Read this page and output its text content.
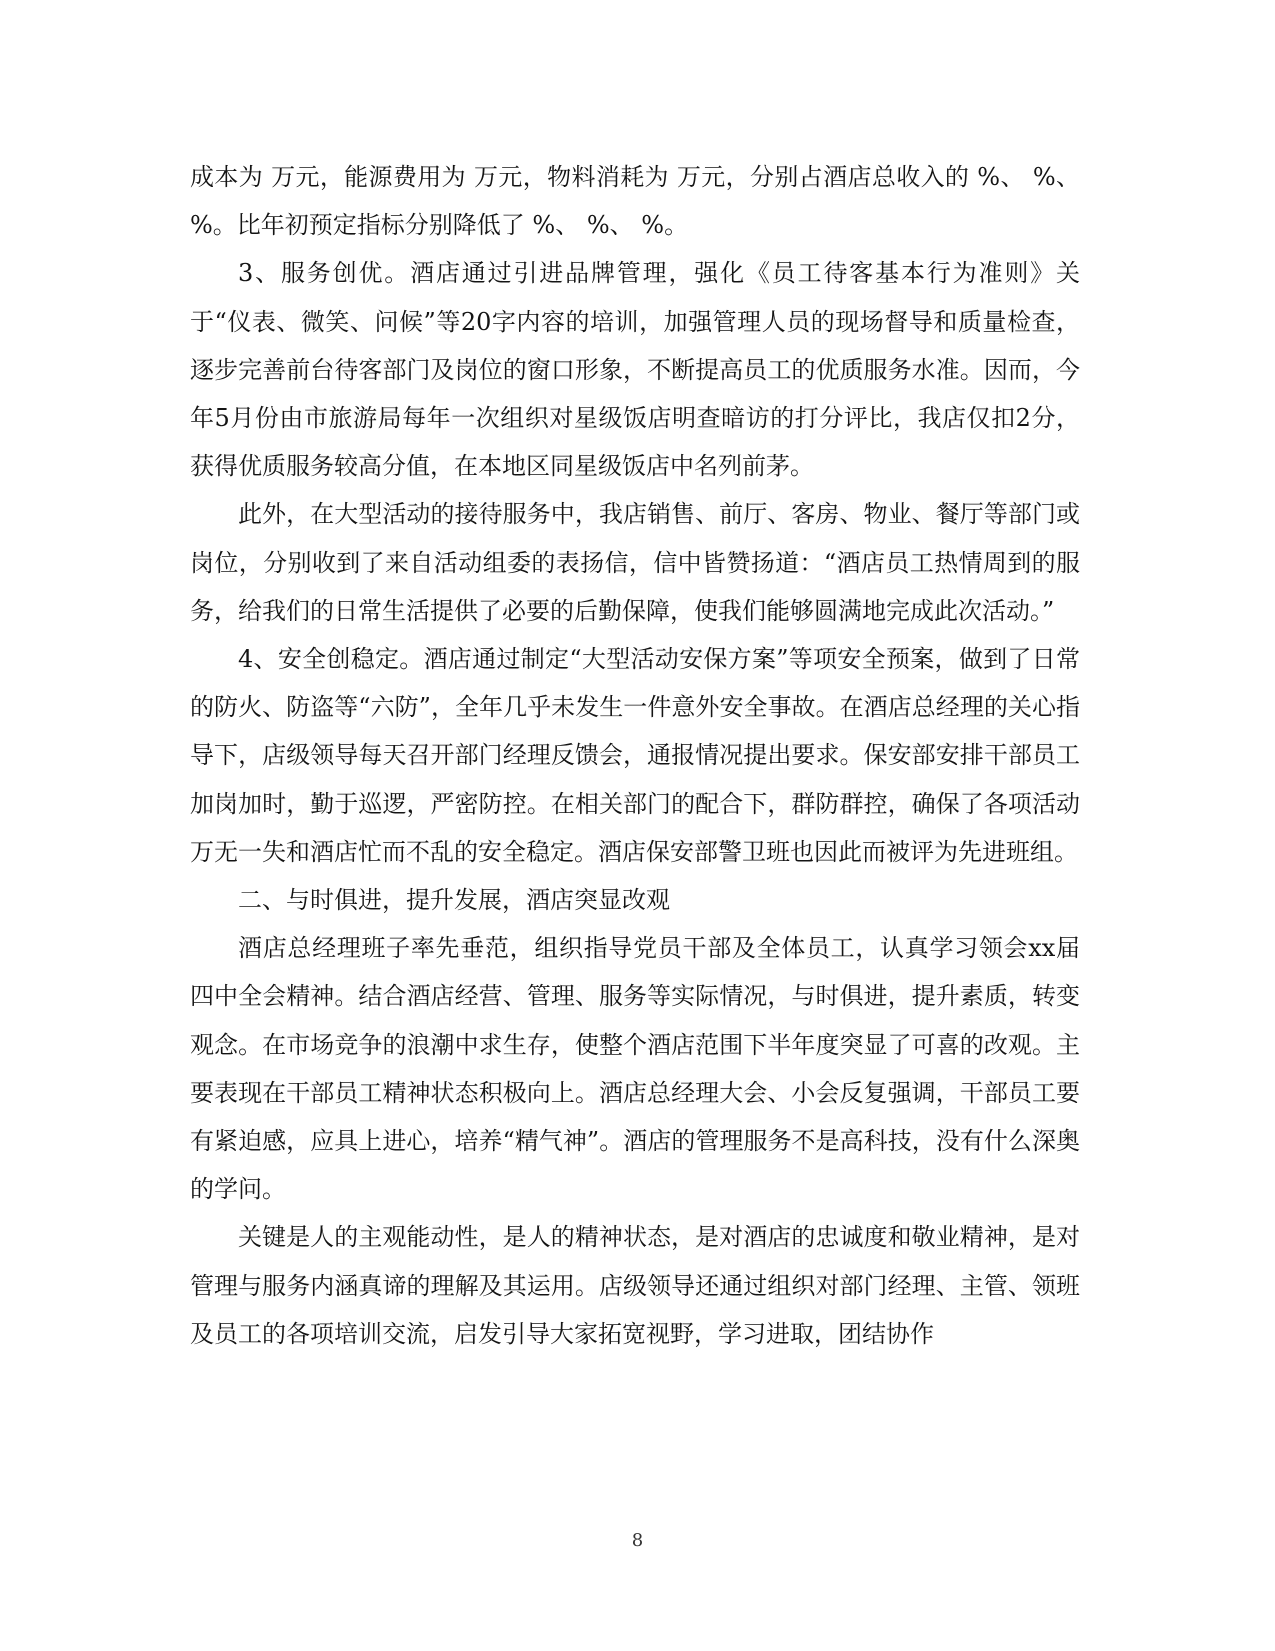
成本为 万元，能源费用为 万元，物料消耗为 万元，分别占酒店总收入的 %、 %、 %。比年初预定指标分别降低了 %、 %、 %。

3、服务创优。酒店通过引进品牌管理，强化《员工待客基本行为准则》关于“仪表、微笑、问候”等20字内容的培训，加强管理人员的现场督导和质量检查，逐步完善前台待客部门及岗位的窗口形象，不断提高员工的优质服务水准。因而，今年5月份由市旅游局每年一次组织对星级饭店明查暗访的打分评比，我店仅扣2分，获得优质服务较高分值，在本地区同星级饭店中名列前茅。

此外，在大型活动的接待服务中，我店销售、前厅、客房、物业、餐厅等部门或岗位，分别收到了来自活动组委的表扬信，信中皆赞扬道：“酒店员工热情周到的服务，给我们的日常生活提供了必要的后勤保障，使我们能够圆满地完成此次活动。”

4、安全创稳定。酒店通过制定“大型活动安保方案”等项安全预案，做到了日常的防火、防盗等“六防”，全年几乎未发生一件意外安全事故。在酒店总经理的关心指导下，店级领导每天召开部门经理反馈会，通报情况提出要求。保安部安排干部员工加岗加时，勤于巡逻，严密防控。在相关部门的配合下，群防群控，确保了各项活动万无一失和酒店忙而不乱的安全稳定。酒店保安部警卫班也因此而被评为先进班组。

二、与时俱进，提升发展，酒店突显改观

酒店总经理班子率先垂范，组织指导党员干部及全体员工，认真学习领会xx届四中全会精神。结合酒店经营、管理、服务等实际情况，与时俱进，提升素质，转变观念。在市场竞争的浪潮中求生存，使整个酒店范围下半年度突显了可喜的改观。主要表现在干部员工精神状态积极向上。酒店总经理大会、小会反复强调，干部员工要有紧迫感，应具上进心，培养“精气神”。酒店的管理服务不是高科技，没有什么深奥的学问。

关键是人的主观能动性，是人的精神状态，是对酒店的忠诚度和敬业精神，是对管理与服务内涵真谛的理解及其运用。店级领导还通过组织对部门经理、主管、领班及员工的各项培训交流，启发引导大家拓宽视野，学习进取，团结协作

8
